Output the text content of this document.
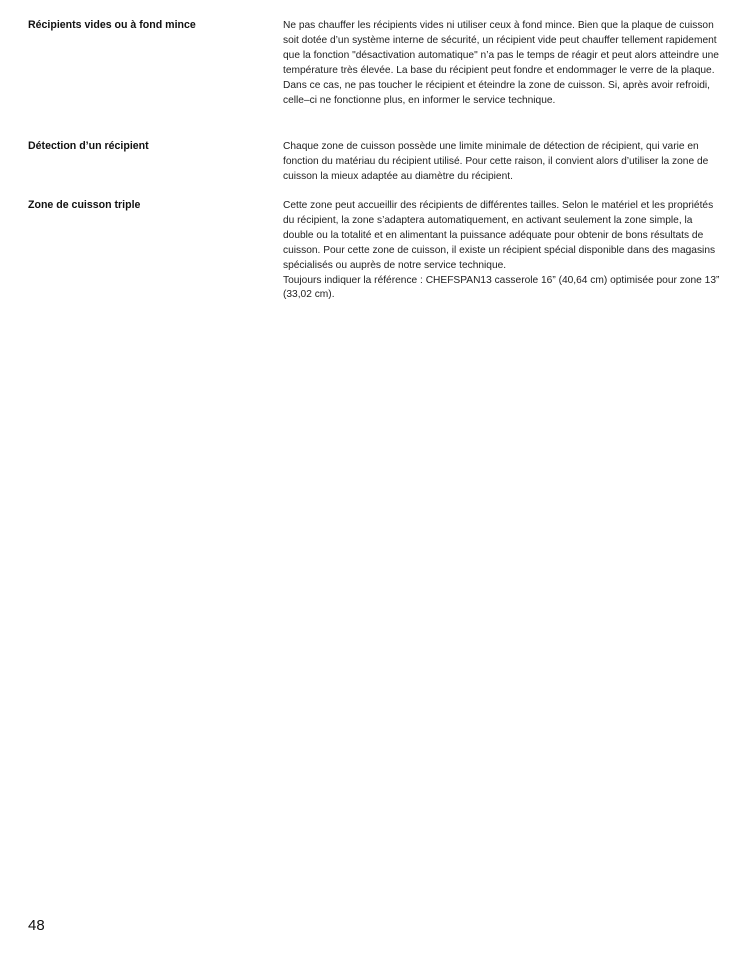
Récipients vides ou à fond mince	Ne pas chauffer les récipients vides ni utiliser ceux à fond mince. Bien que la plaque de cuisson soit dotée d’un système interne de sécurité, un récipient vide peut chauffer tellement rapidement que la fonction "désactivation automatique" n’a pas le temps de réagir et peut alors atteindre une température très élevée. La base du récipient peut fondre et endommager le verre de la plaque. Dans ce cas, ne pas toucher le récipient et éteindre la zone de cuisson. Si, après avoir refroidi, celle–ci ne fonctionne plus, en informer le service technique.

Détection d’un récipient	Chaque zone de cuisson possède une limite minimale de détection de récipient, qui varie en fonction du matériau du récipient utilisé. Pour cette raison, il convient alors d’utiliser la zone de cuisson la mieux adaptée au diamètre du récipient.

Zone de cuisson triple	Cette zone peut accueillir des récipients de différentes tailles. Selon le matériel et les propriétés du récipient, la zone s’adaptera automatiquement, en activant seulement la zone simple, la double ou la totalité et en alimentant la puissance adéquate pour obtenir de bons résultats de cuisson. Pour cette zone de cuisson, il existe un récipient spécial disponible dans des magasins spécialisés ou auprès de notre service technique.

Toujours indiquer la référence : CHEFSPAN13 casserole 16” (40,64 cm) optimisée pour zone 13” (33,02 cm).

48
